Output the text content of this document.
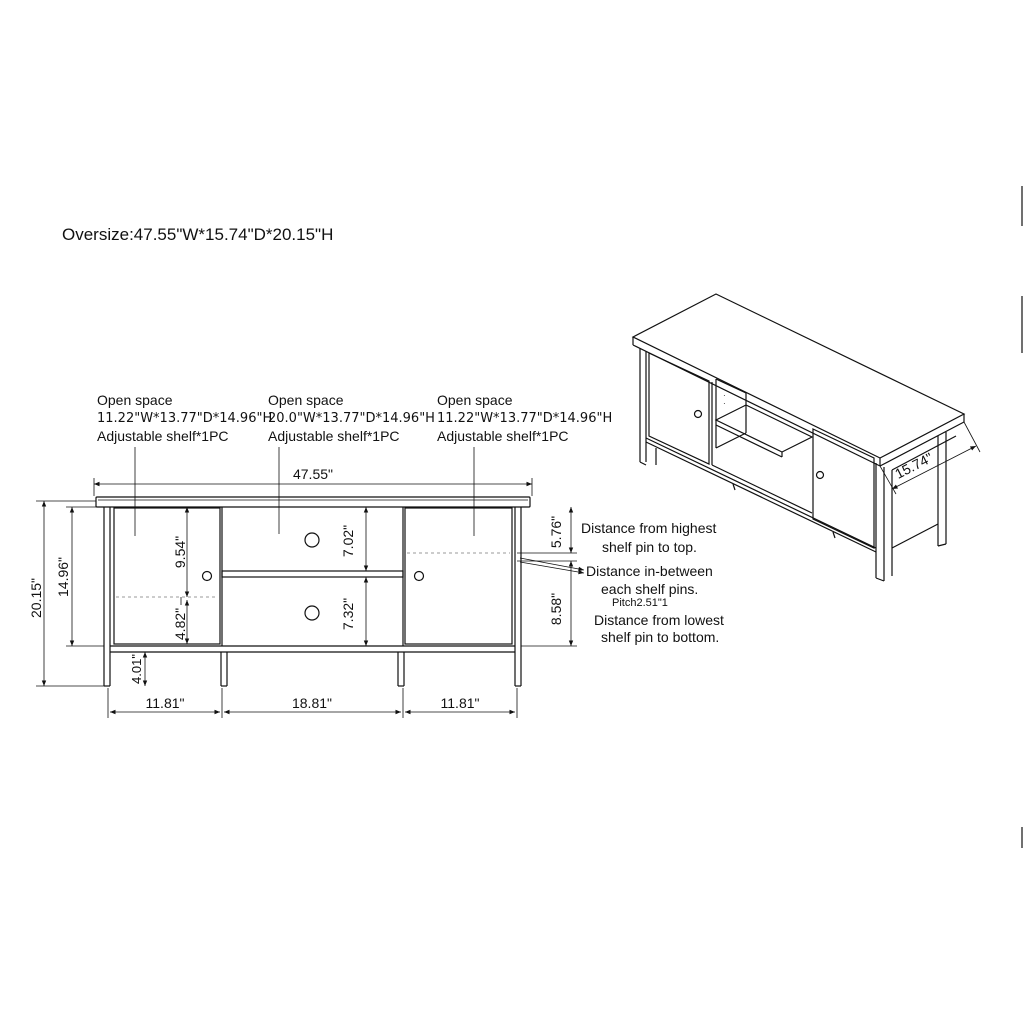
Oversize:47.55"W*15.74"D*20.15"H
Open space
11.22"W*13.77"D*14.96"H
Adjustable shelf*1PC
Open space
20.0"W*13.77"D*14.96"H
Adjustable shelf*1PC
Open space
11.22"W*13.77"D*14.96"H
Adjustable shelf*1PC
47.55"
20.15"
14.96"
9.54"
4.82"
4.01"
7.02"
7.32"
5.76"
8.58"
11.81"	18.81"	11.81"
Distance from highest
shelf pin to top.
Distance in-between
each shelf pins.
Pitch2.51"1
Distance from lowest
shelf pin to bottom.
·
·
15.74"
